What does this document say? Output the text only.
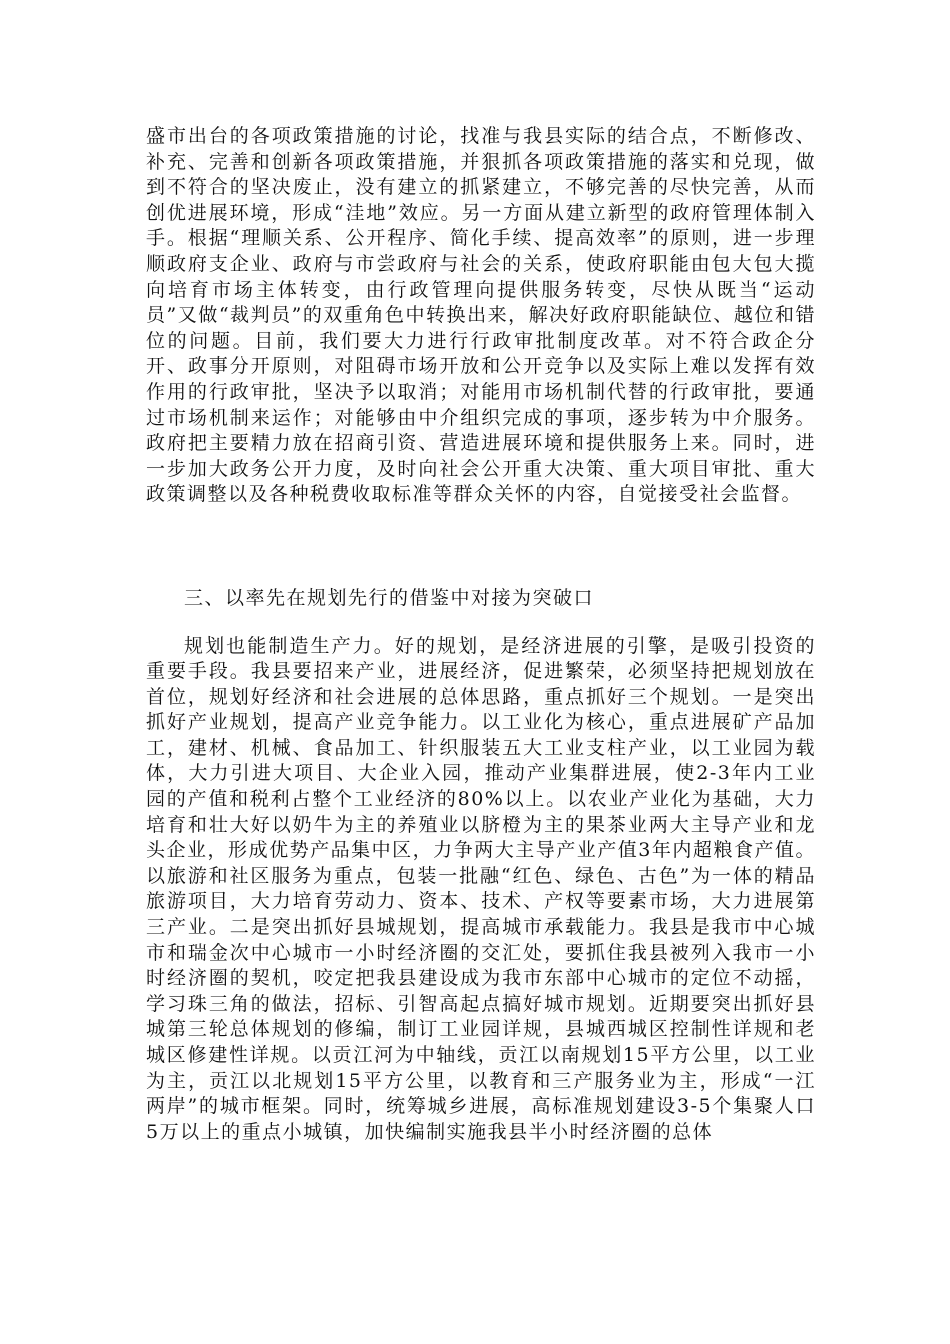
盛市出台的各项政策措施的讨论，找准与我县实际的结合点，不断修改、补充、完善和创新各项政策措施，并狠抓各项政策措施的落实和兑现，做到不符合的坚决废止，没有建立的抓紧建立，不够完善的尽快完善，从而创优进展环境，形成“洼地”效应。另一方面从建立新型的政府管理体制入手。根据“理顺关系、公开程序、简化手续、提高效率”的原则，进一步理顺政府支企业、政府与市尝政府与社会的关系，使政府职能由包大包大揽向培育市场主体转变，由行政管理向提供服务转变，尽快从既当“运动员”又做“裁判员”的双重角色中转换出来，解决好政府职能缺位、越位和错位的问题。目前，我们要大力进行行政审批制度改革。对不符合政企分开、政事分开原则，对阻碍市场开放和公开竞争以及实际上难以发挥有效作用的行政审批，坚决予以取消；对能用市场机制代替的行政审批，要通过市场机制来运作；对能够由中介组织完成的事项，逐步转为中介服务。政府把主要精力放在招商引资、营造进展环境和提供服务上来。同时，进一步加大政务公开力度，及时向社会公开重大决策、重大项目审批、重大政策调整以及各种税费收取标准等群众关怀的内容，自觉接受社会监督。

三、以率先在规划先行的借鉴中对接为突破口

规划也能制造生产力。好的规划，是经济进展的引擎，是吸引投资的重要手段。我县要招来产业，进展经济，促进繁荣，必须坚持把规划放在首位，规划好经济和社会进展的总体思路，重点抓好三个规划。一是突出抓好产业规划，提高产业竞争能力。以工业化为核心，重点进展矿产品加工，建材、机械、食品加工、针织服装五大工业支柱产业，以工业园为载体，大力引进大项目、大企业入园，推动产业集群进展，使2-3年内工业园的产值和税利占整个工业经济的80%以上。以农业产业化为基础，大力培育和壮大好以奶牛为主的养殖业以脐橙为主的果茶业两大主导产业和龙头企业，形成优势产品集中区，力争两大主导产业产值3年内超粮食产值。以旅游和社区服务为重点，包装一批融“红色、绿色、古色”为一体的精品旅游项目，大力培育劳动力、资本、技术、产权等要素市场，大力进展第三产业。二是突出抓好县城规划，提高城市承载能力。我县是我市中心城市和瑞金次中心城市一小时经济圈的交汇处，要抓住我县被列入我市一小时经济圈的契机，咬定把我县建设成为我市东部中心城市的定位不动摇，学习珠三角的做法，招标、引智高起点搞好城市规划。近期要突出抓好县城第三轮总体规划的修编，制订工业园详规，县城西城区控制性详规和老城区修建性详规。以贡江河为中轴线，贡江以南规划15平方公里，以工业为主，贡江以北规划15平方公里，以教育和三产服务业为主，形成“一江两岸”的城市框架。同时，统筹城乡进展，高标准规划建设3-5个集聚人口5万以上的重点小城镇，加快编制实施我县半小时经济圈的总体
